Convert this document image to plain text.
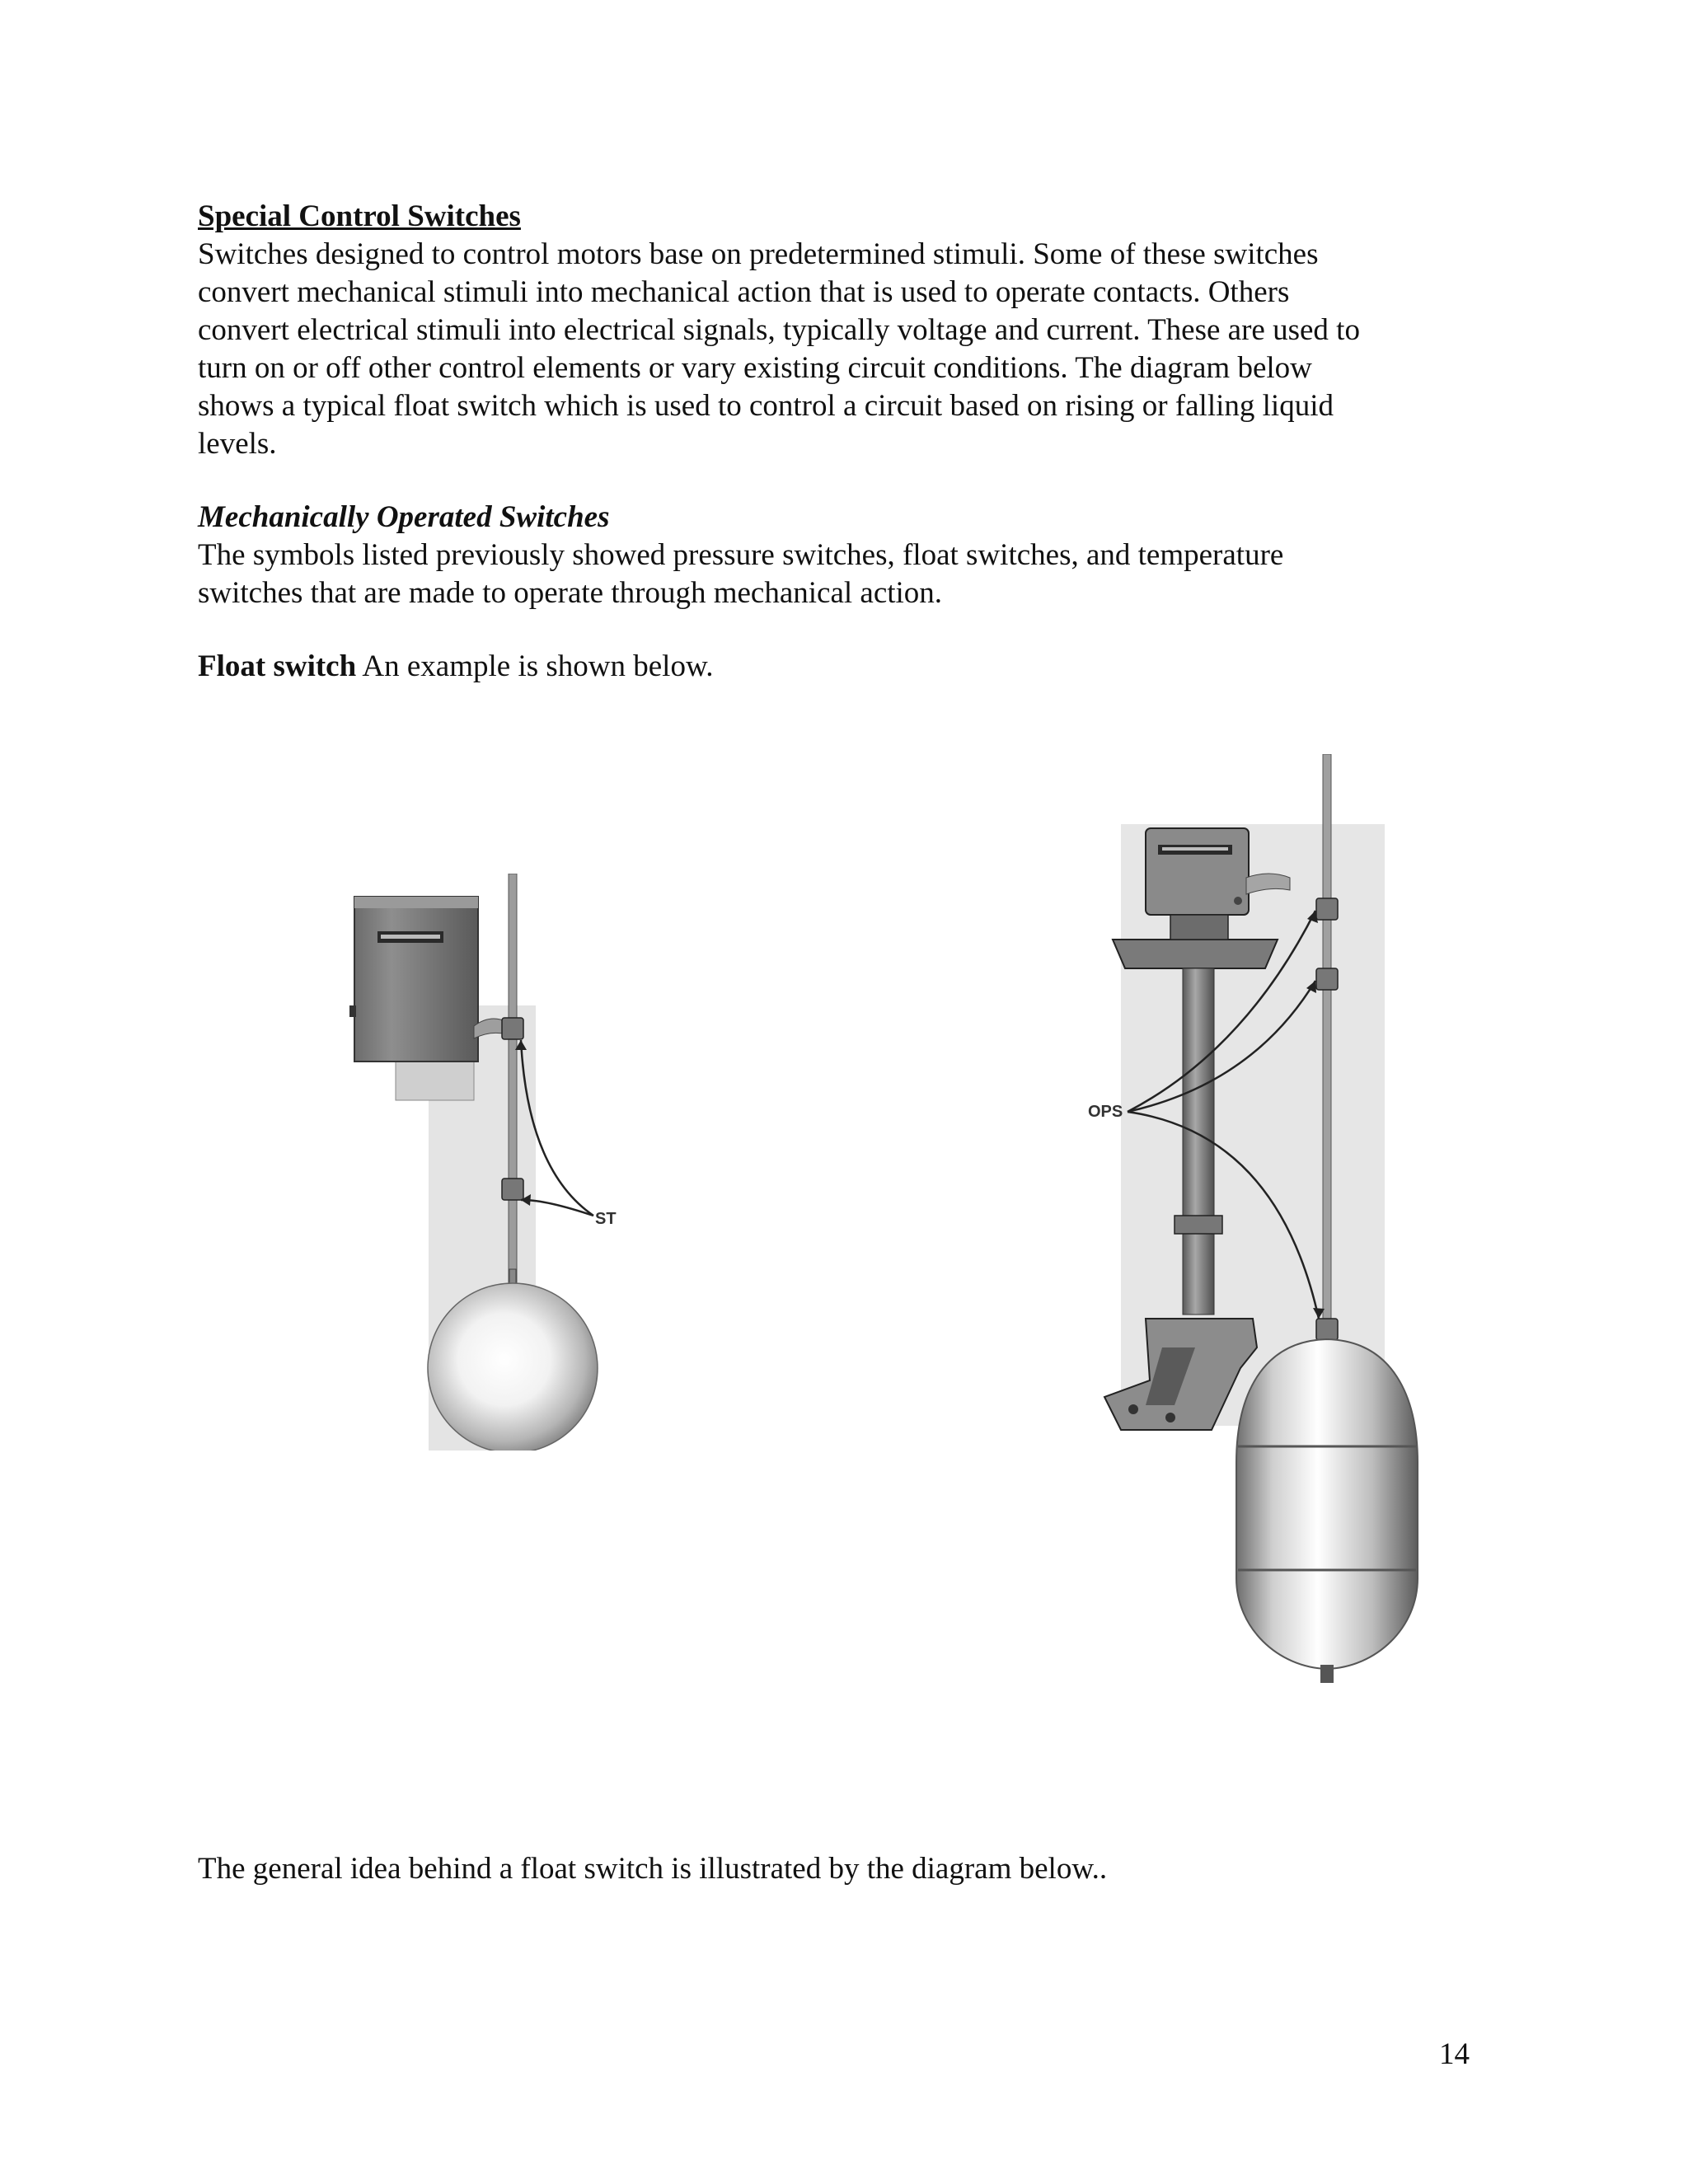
Special Control Switches
Switches designed to control motors base on predetermined stimuli. Some of these switches
convert mechanical stimuli into mechanical action that is used to operate contacts. Others
convert electrical stimuli into electrical signals, typically voltage and current. These are used to
turn on or off other control elements or vary existing circuit conditions. The diagram below
shows a typical float switch which is used to control a circuit based on rising or falling liquid
levels.
Mechanically Operated Switches
The symbols listed previously showed pressure switches, float switches, and temperature
switches that are made to operate through mechanical action.
Float switch An example is shown below.
ST
OPS
The general idea behind a float switch is illustrated by the diagram below..
14
